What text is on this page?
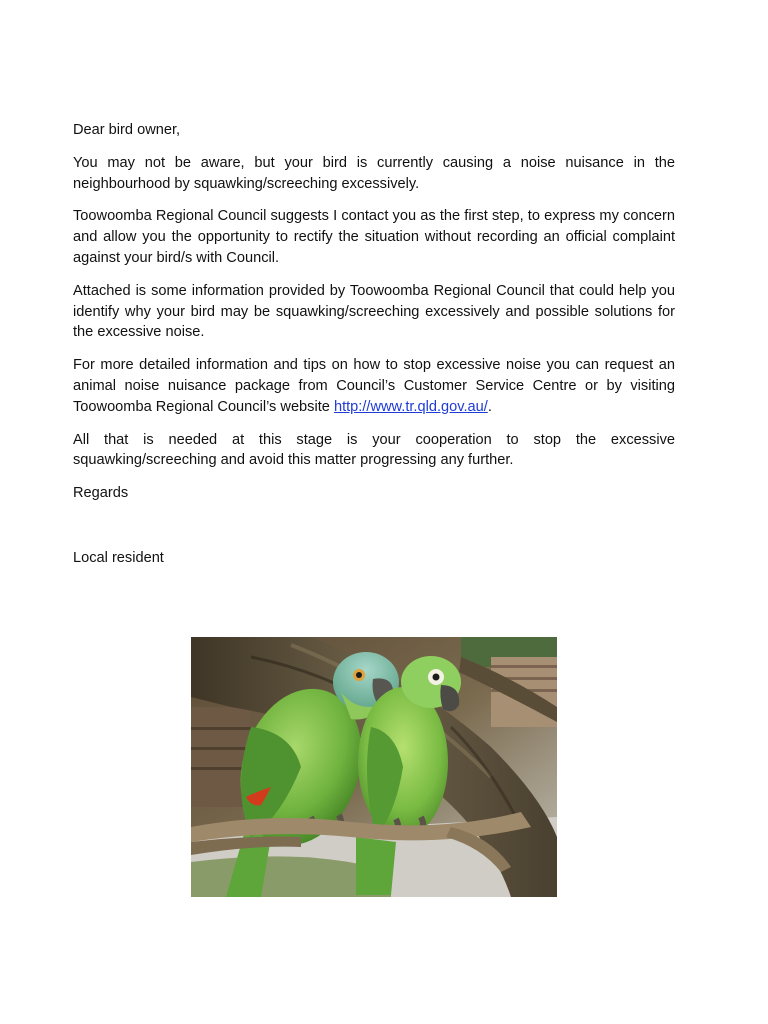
Dear bird owner,

You may not be aware, but your bird is currently causing a noise nuisance in the neighbourhood by squawking/screeching excessively.

Toowoomba Regional Council suggests I contact you as the first step, to express my concern and allow you the opportunity to rectify the situation without recording an official complaint against your bird/s with Council.

Attached is some information provided by Toowoomba Regional Council that could help you identify why your bird may be squawking/screeching excessively and possible solutions for the excessive noise.

For more detailed information and tips on how to stop excessive noise you can request an animal noise nuisance package from Council’s Customer Service Centre or by visiting Toowoomba Regional Council’s website http://www.tr.qld.gov.au/.

All that is needed at this stage is your cooperation to stop the excessive squawking/screeching and avoid this matter progressing any further.

Regards

Local resident
